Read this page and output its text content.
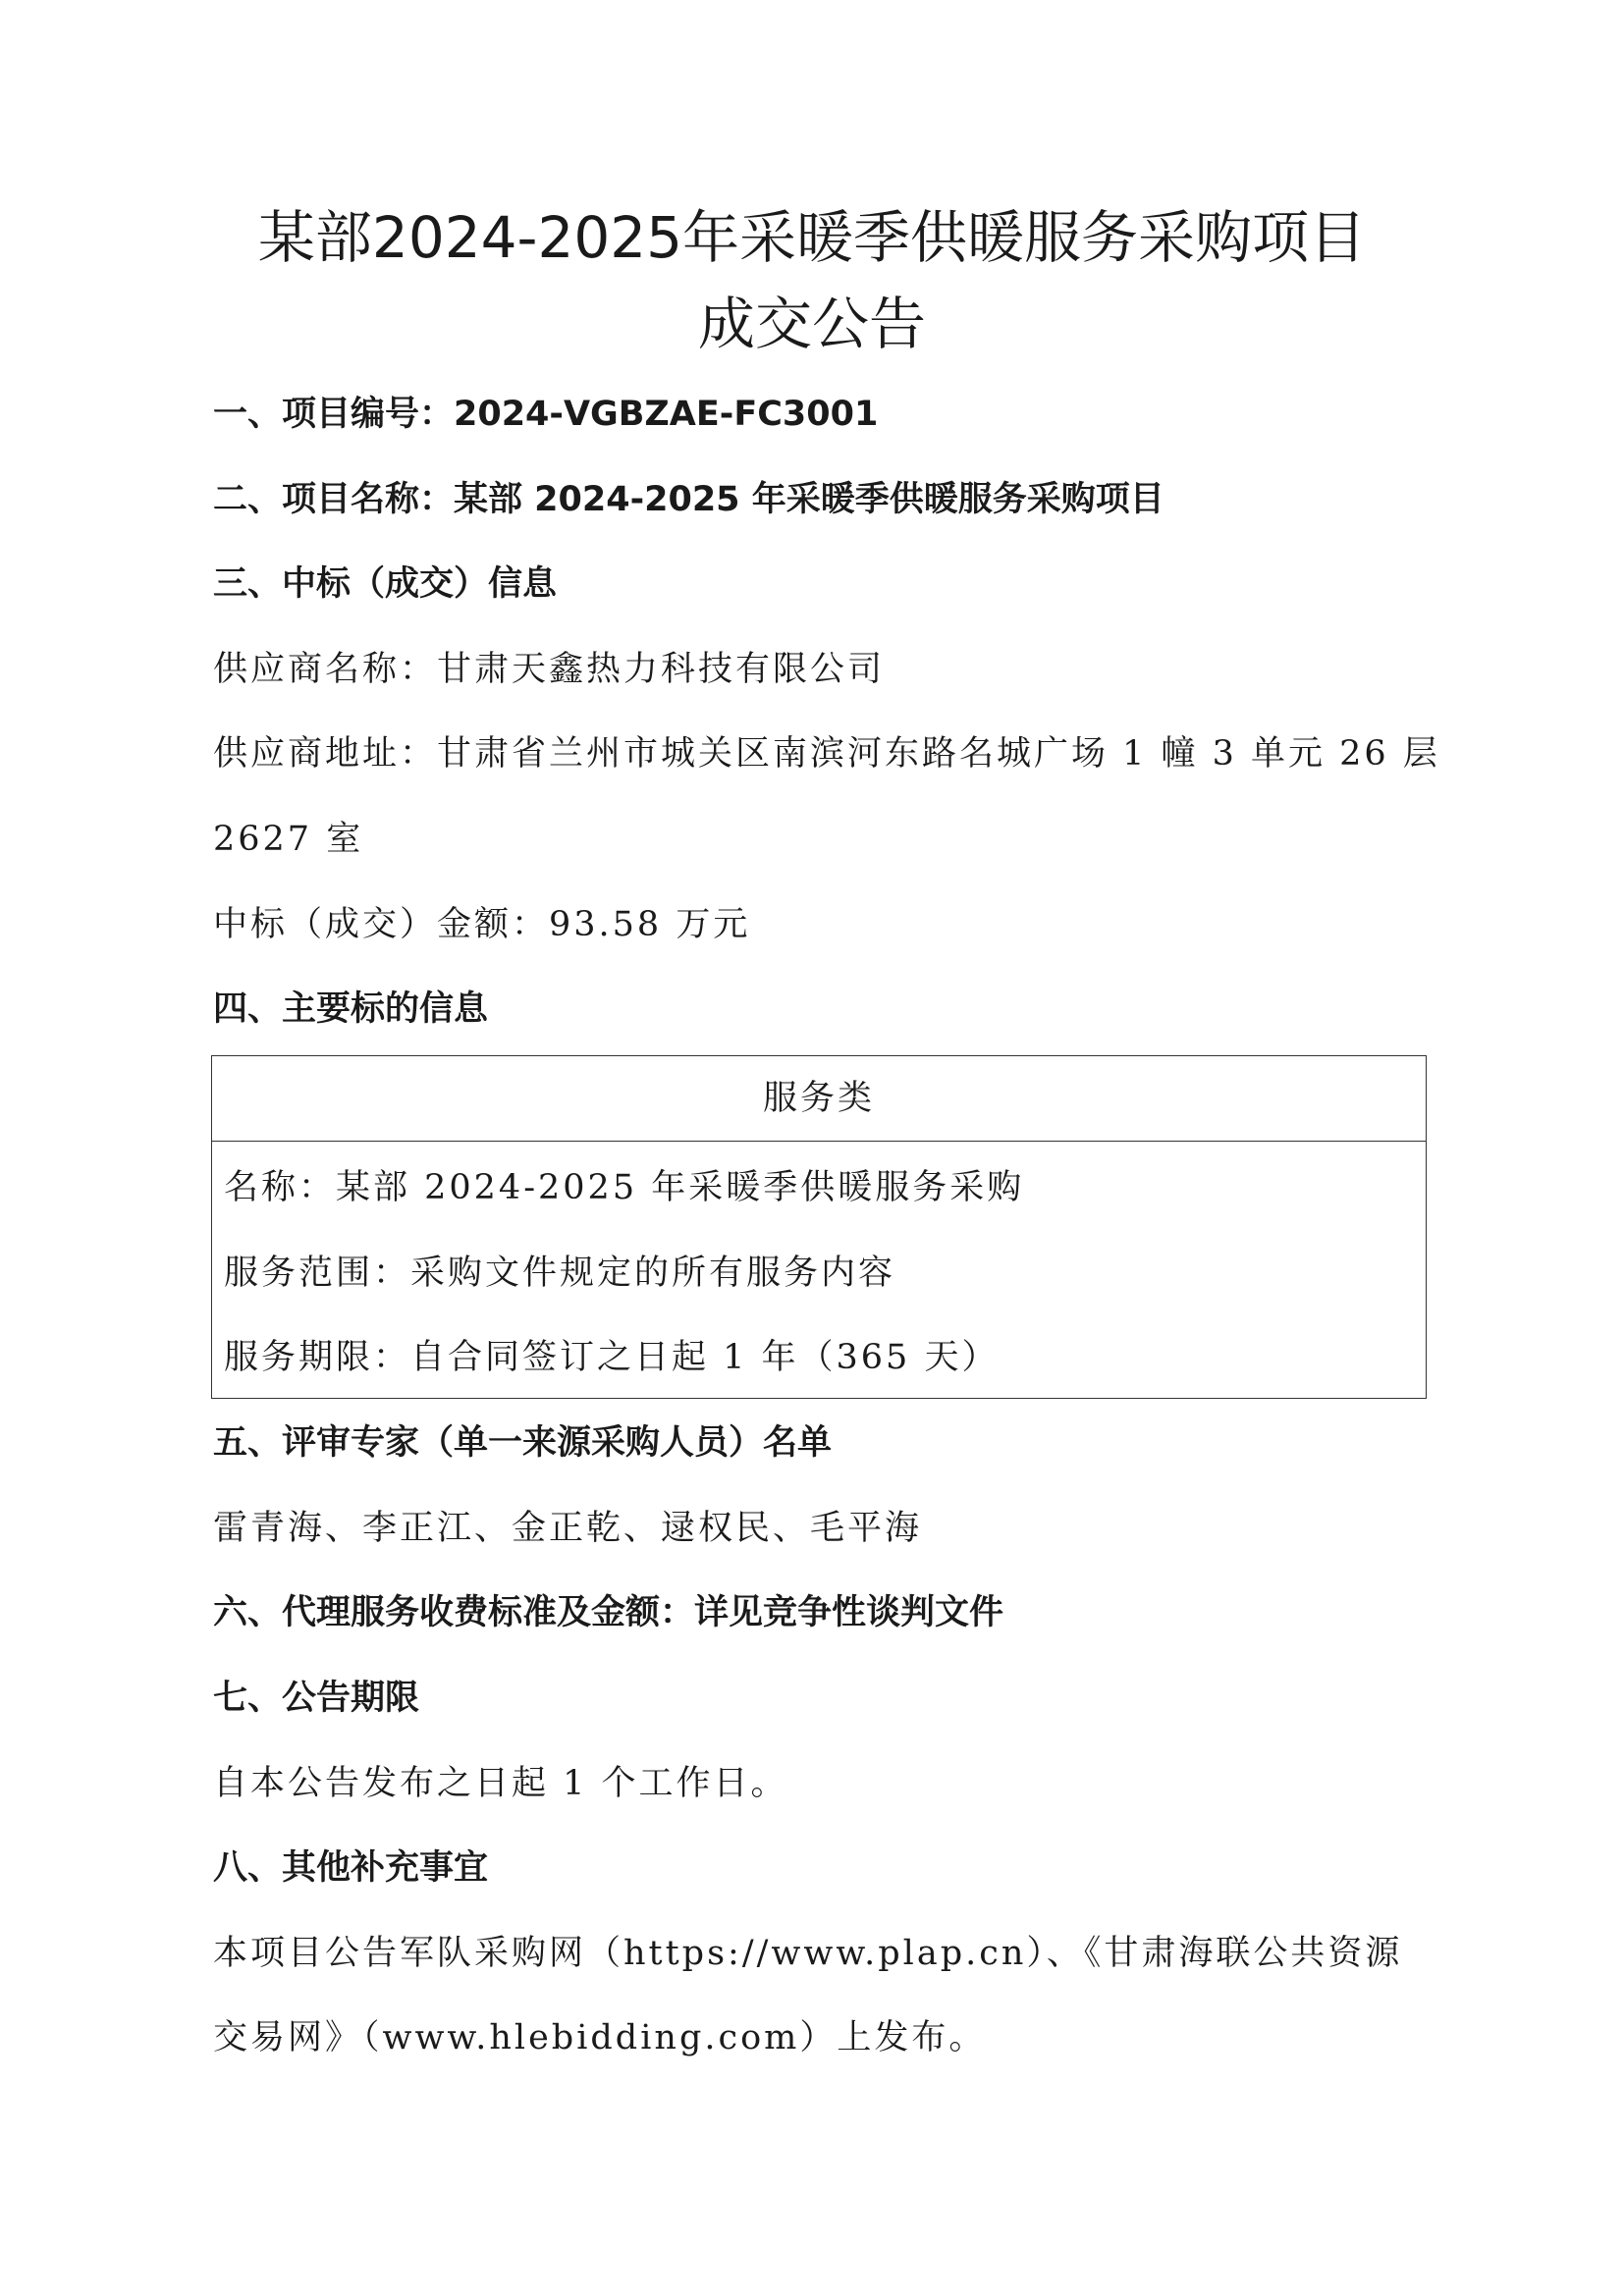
某部2024-2025年采暖季供暖服务采购项目
成交公告
一、项目编号：2024-VGBZAE-FC3001
二、项目名称：某部 2024-2025 年采暖季供暖服务采购项目
三、中标（成交）信息
供应商名称：甘肃天鑫热力科技有限公司
供应商地址：甘肃省兰州市城关区南滨河东路名城广场 1 幢 3 单元 26 层
2627 室
中标（成交）金额：93.58 万元
四、主要标的信息
服务类
名称：某部 2024-2025 年采暖季供暖服务采购
服务范围：采购文件规定的所有服务内容
服务期限：自合同签订之日起 1 年（365 天）
五、评审专家（单一来源采购人员）名单
雷青海、李正江、金正乾、逯权民、毛平海
六、代理服务收费标准及金额：详见竞争性谈判文件
七、公告期限
自本公告发布之日起 1 个工作日。
八、其他补充事宜
本项目公告军队采购网（https://www.plap.cn）、《甘肃海联公共资源
交易网》（www.hlebidding.com）上发布。
